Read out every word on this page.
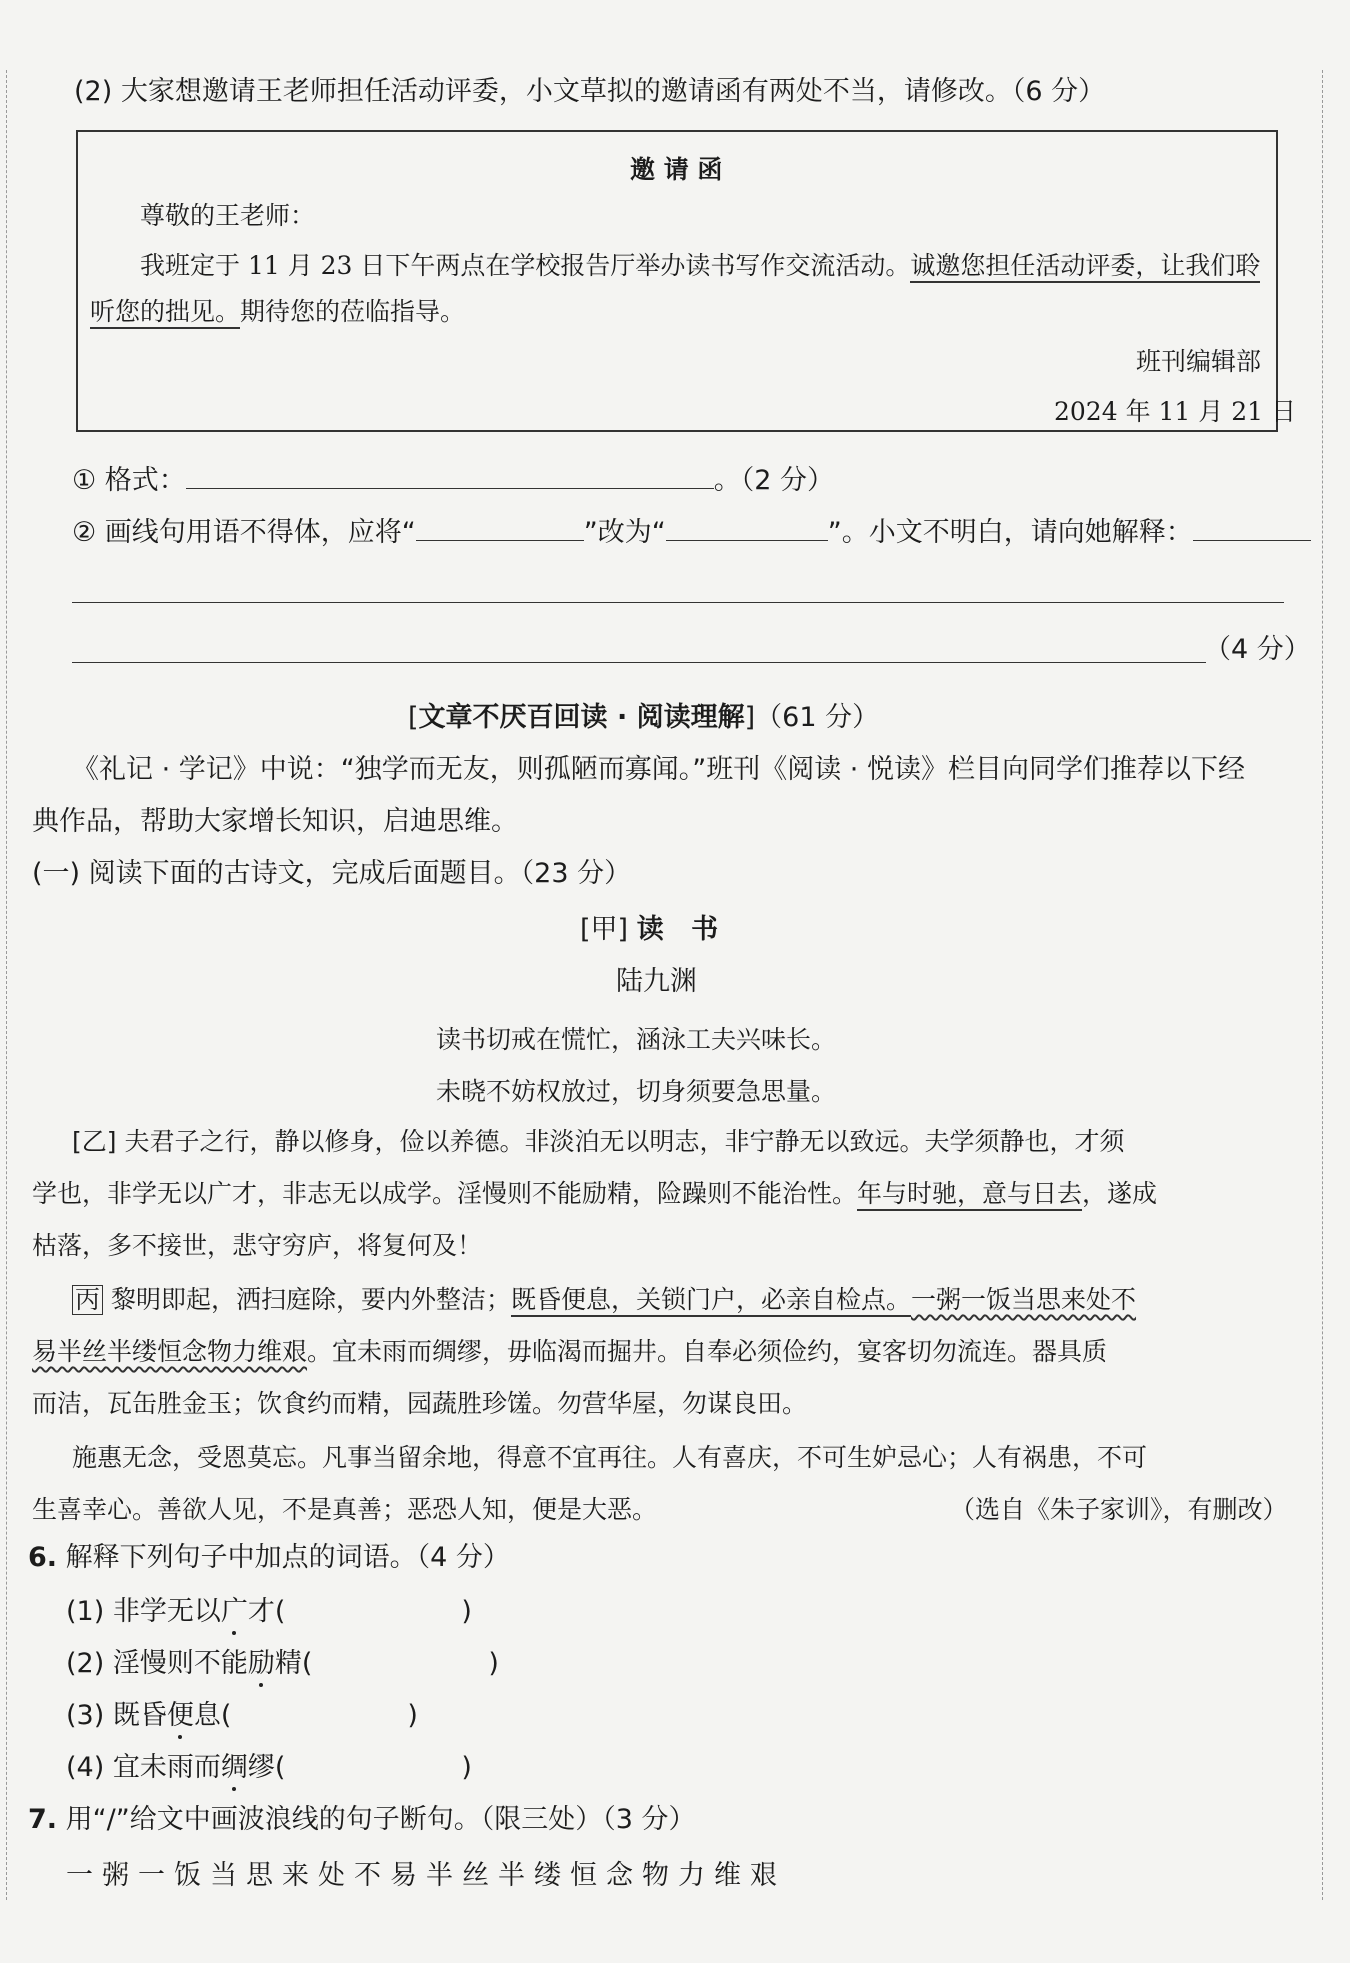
(2) 大家想邀请王老师担任活动评委，小文草拟的邀请函有两处不当，请修改。（6 分）
邀 请 函
尊敬的王老师：
我班定于 11 月 23 日下午两点在学校报告厅举办读书写作交流活动。诚邀您担任活动评委，让我们聆
听您的拙见。期待您的莅临指导。
班刊编辑部
2024 年 11 月 21 日
① 格式：	。（2 分）
② 画线句用语不得体，应将“	”改为“	”。小文不明白，请向她解释：
（4 分）
[文章不厌百回读 · 阅读理解]（61 分）
《礼记 · 学记》中说：“独学而无友，则孤陋而寡闻。”班刊《阅读 · 悦读》栏目向同学们推荐以下经
典作品，帮助大家增长知识，启迪思维。
(一) 阅读下面的古诗文，完成后面题目。（23 分）
[甲] 读 书
陆九渊
读书切戒在慌忙，涵泳工夫兴味长。
未晓不妨权放过，切身须要急思量。
[乙] 夫君子之行，静以修身，俭以养德。非淡泊无以明志，非宁静无以致远。夫学须静也，才须
学也，非学无以广才，非志无以成学。淫慢则不能励精，险躁则不能治性。年与时驰，意与日去，遂成
枯落，多不接世，悲守穷庐，将复何及！
丙 黎明即起，洒扫庭除，要内外整洁；既昏便息，关锁门户，必亲自检点。一粥一饭当思来处不
易半丝半缕恒念物力维艰。宜未雨而绸缪，毋临渴而掘井。自奉必须俭约，宴客切勿流连。器具质
而洁，瓦缶胜金玉；饮食约而精，园蔬胜珍馐。勿营华屋，勿谋良田。
施惠无念，受恩莫忘。凡事当留余地，得意不宜再往。人有喜庆，不可生妒忌心；人有祸患，不可
生喜幸心。善欲人见，不是真善；恶恐人知，便是大恶。	（选自《朱子家训》，有删改）
6. 解释下列句子中加点的词语。（4 分）
(1) 非学无以广才(	)
(2) 淫慢则不能励精(	)
(3) 既昏便息(	)
(4) 宜未雨而绸缪(	)
7. 用“/”给文中画波浪线的句子断句。（限三处）（3 分）
一粥一饭当思来处不易半丝半缕恒念物力维艰
